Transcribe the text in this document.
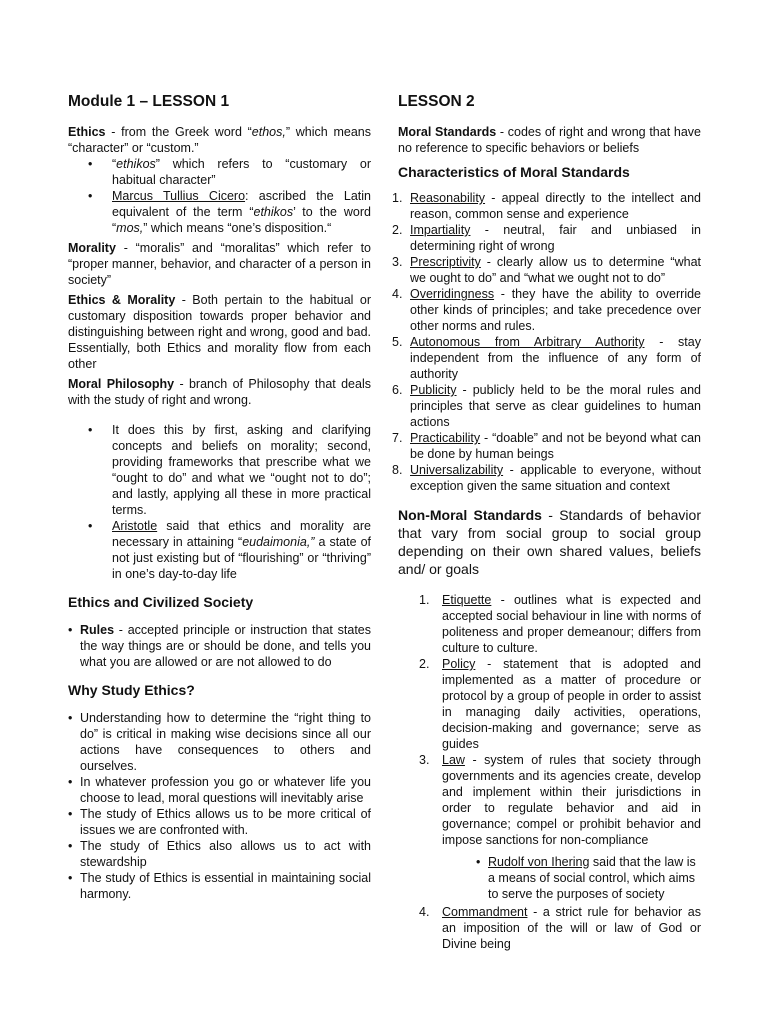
Module 1 – LESSON 1

Ethics - from the Greek word “ethos,” which means “character” or “custom.”

• “ethikos” which refers to “customary or habitual character”
• Marcus Tullius Cicero: ascribed the Latin equivalent of the term “ethikos’ to the word “mos,” which means “one’s disposition.“

Morality - “moralis” and “moralitas” which refer to “proper manner, behavior, and character of a person in society”

Ethics & Morality - Both pertain to the habitual or customary disposition towards proper behavior and distinguishing between right and wrong, good and bad. Essentially, both Ethics and morality flow from each other

Moral Philosophy - branch of Philosophy that deals with the study of right and wrong.

• It does this by first, asking and clarifying concepts and beliefs on morality; second, providing frameworks that prescribe what we “ought to do” and what we “ought not to do”; and lastly, applying all these in more practical terms.
• Aristotle said that ethics and morality are necessary in attaining “eudaimonia,” a state of not just existing but of “flourishing” or “thriving” in one’s day-to-day life
Ethics and Civilized Society
• Rules - accepted principle or instruction that states the way things are or should be done, and tells you what you are allowed or are not allowed to do
Why Study Ethics?
• Understanding how to determine the “right thing to do” is critical in making wise decisions since all our actions have consequences to others and ourselves.
• In whatever profession you go or whatever life you choose to lead, moral questions will inevitably arise
• The study of Ethics allows us to be more critical of issues we are confronted with.
• The study of Ethics also allows us to act with stewardship
• The study of Ethics is essential in maintaining social harmony.
LESSON 2

Moral Standards - codes of right and wrong that have no reference to specific behaviors or beliefs

Characteristics of Moral Standards
1. Reasonability - appeal directly to the intellect and reason, common sense and experience
2. Impartiality - neutral, fair and unbiased in determining right of wrong
3. Prescriptivity - clearly allow us to determine “what we ought to do” and “what we ought not to do”
4. Overridingness - they have the ability to override other kinds of principles; and take precedence over other norms and rules.
5. Autonomous from Arbitrary Authority - stay independent from the influence of any form of authority
6. Publicity - publicly held to be the moral rules and principles that serve as clear guidelines to human actions
7. Practicability - “doable” and not be beyond what can be done by human beings
8. Universalizability - applicable to everyone, without exception given the same situation and context

Non-Moral Standards - Standards of behavior that vary from social group to social group depending on their own shared values, beliefs and/ or goals

1. Etiquette - outlines what is expected and accepted social behaviour in line with norms of politeness and proper demeanour; differs from culture to culture.
2. Policy - statement that is adopted and implemented as a matter of procedure or protocol by a group of people in order to assist in managing daily activities, operations, decision-making and governance; serve as guides
3. Law - system of rules that society through governments and its agencies create, develop and implement within their jurisdictions in order to regulate behavior and aid in governance; compel or prohibit behavior and impose sanctions for non-compliance
• Rudolf von Ihering said that the law is a means of social control, which aims to serve the purposes of society
4. Commandment - a strict rule for behavior as an imposition of the will or law of God or Divine being
